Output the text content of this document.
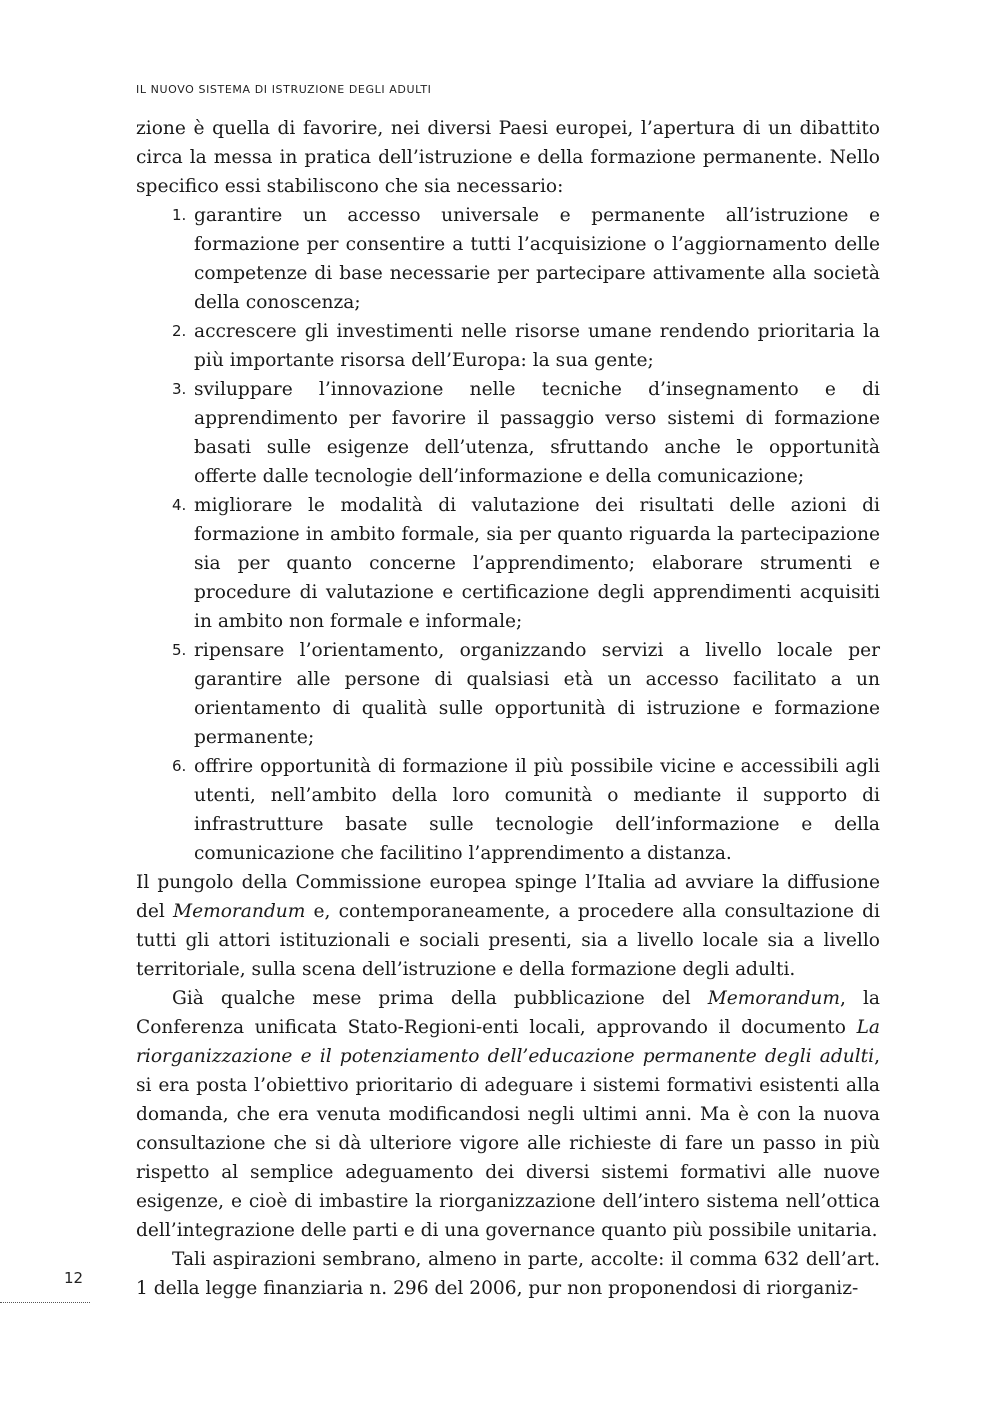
IL NUOVO SISTEMA DI ISTRUZIONE DEGLI ADULTI

zione è quella di favorire, nei diversi Paesi europei, l’apertura di un dibattito circa la messa in pratica dell’istruzione e della formazione permanente. Nello specifico essi stabiliscono che sia necessario:

1. garantire un accesso universale e permanente all’istruzione e formazione per consentire a tutti l’acquisizione o l’aggiornamento delle competenze di base necessarie per partecipare attivamente alla società della conoscenza;
2. accrescere gli investimenti nelle risorse umane rendendo prioritaria la più importante risorsa dell’Europa: la sua gente;
3. sviluppare l’innovazione nelle tecniche d’insegnamento e di apprendimento per favorire il passaggio verso sistemi di formazione basati sulle esigenze dell’utenza, sfruttando anche le opportunità offerte dalle tecnologie dell’informazione e della comunicazione;
4. migliorare le modalità di valutazione dei risultati delle azioni di formazione in ambito formale, sia per quanto riguarda la partecipazione sia per quanto concerne l’apprendimento; elaborare strumenti e procedure di valutazione e certificazione degli apprendimenti acquisiti in ambito non formale e informale;
5. ripensare l’orientamento, organizzando servizi a livello locale per garantire alle persone di qualsiasi età un accesso facilitato a un orientamento di qualità sulle opportunità di istruzione e formazione permanente;
6. offrire opportunità di formazione il più possibile vicine e accessibili agli utenti, nell’ambito della loro comunità o mediante il supporto di infrastrutture basate sulle tecnologie dell’informazione e della comunicazione che facilitino l’apprendimento a distanza.

Il pungolo della Commissione europea spinge l’Italia ad avviare la diffusione del Memorandum e, contemporaneamente, a procedere alla consultazione di tutti gli attori istituzionali e sociali presenti, sia a livello locale sia a livello territoriale, sulla scena dell’istruzione e della formazione degli adulti.

Già qualche mese prima della pubblicazione del Memorandum, la Conferenza unificata Stato-Regioni-enti locali, approvando il documento La riorganizzazione e il potenziamento dell’educazione permanente degli adulti, si era posta l’obiettivo prioritario di adeguare i sistemi formativi esistenti alla domanda, che era venuta modificandosi negli ultimi anni. Ma è con la nuova consultazione che si dà ulteriore vigore alle richieste di fare un passo in più rispetto al semplice adeguamento dei diversi sistemi formativi alle nuove esigenze, e cioè di imbastire la riorganizzazione dell’intero sistema nell’ottica dell’integrazione delle parti e di una governance quanto più possibile unitaria.

Tali aspirazioni sembrano, almeno in parte, accolte: il comma 632 dell’art. 1 della legge finanziaria n. 296 del 2006, pur non proponendosi di riorganiz-

12
